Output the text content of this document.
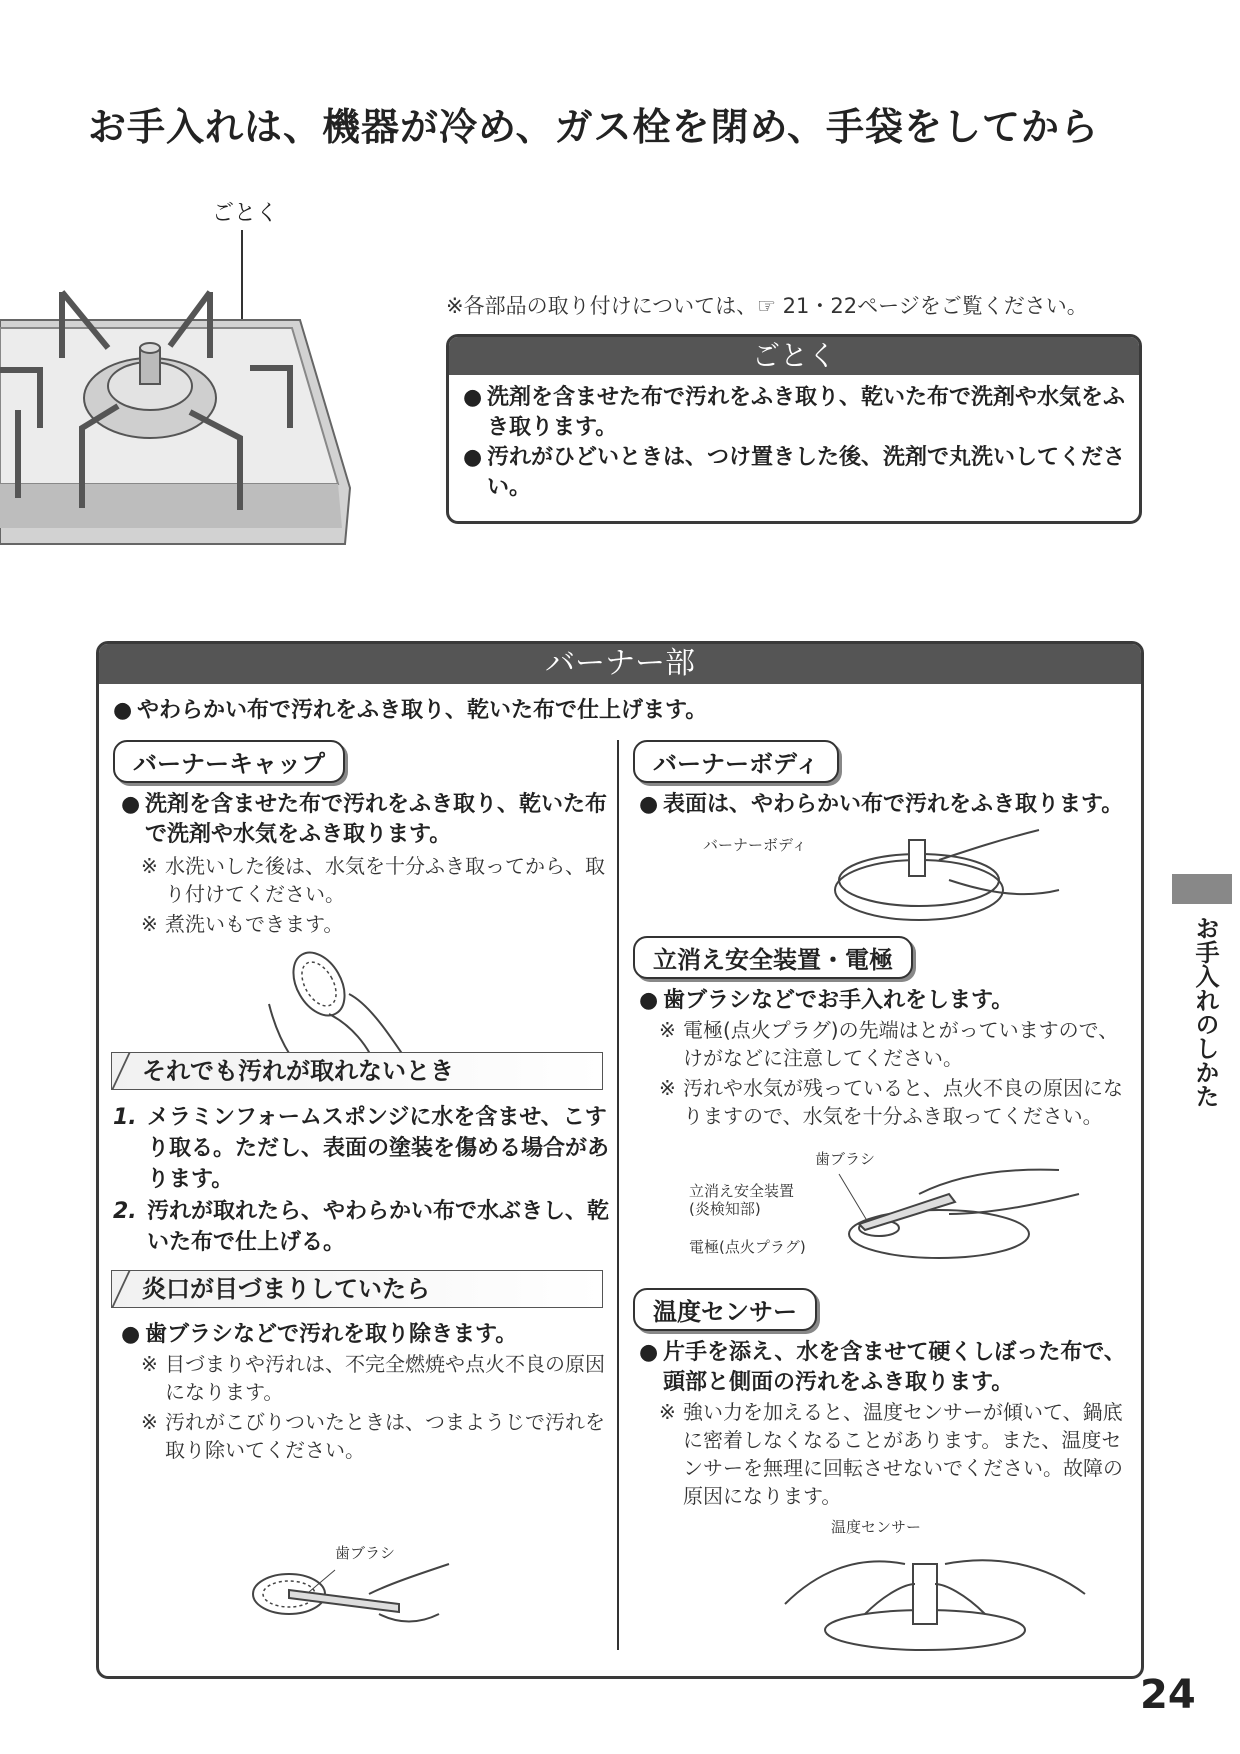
お手入れは、機器が冷め、ガス栓を閉め、手袋をしてから
ごとく
※各部品の取り付けについては、☞ 21・22ページをご覧ください。
ごとく
● 洗剤を含ませた布で汚れをふき取り、乾いた布で洗剤や水気をふき取ります。
● 汚れがひどいときは、つけ置きした後、洗剤で丸洗いしてください。
バーナー部
● やわらかい布で汚れをふき取り、乾いた布で仕上げます。
バーナーキャップ
● 洗剤を含ませた布で汚れをふき取り、乾いた布で洗剤や水気をふき取ります。
※ 水洗いした後は、水気を十分ふき取ってから、取り付けてください。
※ 煮洗いもできます。
それでも汚れが取れないとき
1. メラミンフォームスポンジに水を含ませ、こすり取る。ただし、表面の塗装を傷める場合があります。
2. 汚れが取れたら、やわらかい布で水ぶきし、乾いた布で仕上げる。
炎口が目づまりしていたら
● 歯ブラシなどで汚れを取り除きます。
※ 目づまりや汚れは、不完全燃焼や点火不良の原因になります。
※ 汚れがこびりついたときは、つまようじで汚れを取り除いてください。
歯ブラシ
バーナーボディ
● 表面は、やわらかい布で汚れをふき取ります。
バーナーボディ
立消え安全装置・電極
● 歯ブラシなどでお手入れをします。
※ 電極(点火プラグ)の先端はとがっていますので、けがなどに注意してください。
※ 汚れや水気が残っていると、点火不良の原因になりますので、水気を十分ふき取ってください。
歯ブラシ
立消え安全装置
(炎検知部)
電極(点火プラグ)
温度センサー
● 片手を添え、水を含ませて硬くしぼった布で、頭部と側面の汚れをふき取ります。
※ 強い力を加えると、温度センサーが傾いて、鍋底に密着しなくなることがあります。また、温度センサーを無理に回転させないでください。故障の原因になります。
温度センサー
お手入れのしかた
24
